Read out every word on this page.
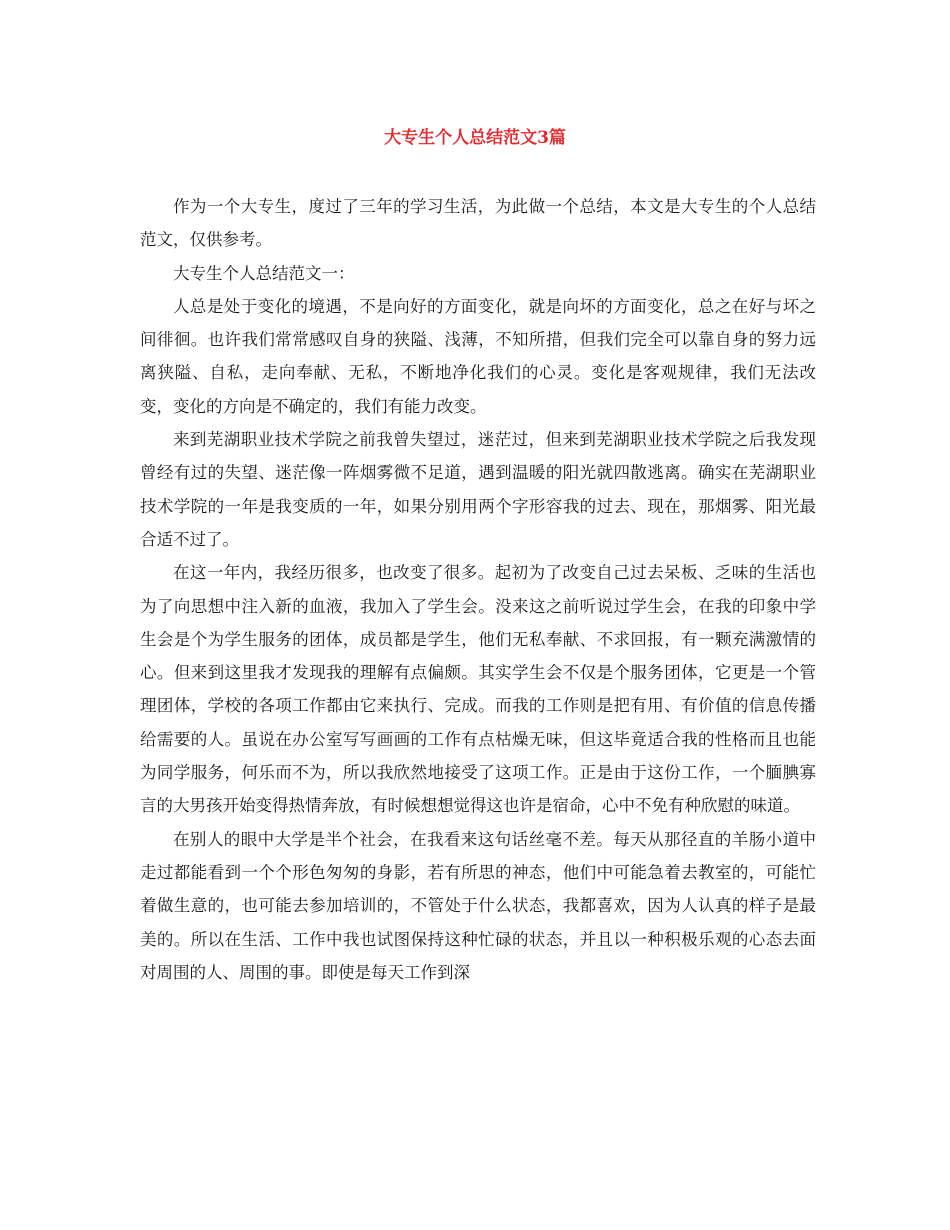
大专生个人总结范文3篇

作为一个大专生，度过了三年的学习生活，为此做一个总结，本文是大专生的个人总结范文，仅供参考。

大专生个人总结范文一：

人总是处于变化的境遇，不是向好的方面变化，就是向坏的方面变化，总之在好与坏之间徘徊。也许我们常常感叹自身的狭隘、浅薄，不知所措，但我们完全可以靠自身的努力远离狭隘、自私，走向奉献、无私，不断地净化我们的心灵。变化是客观规律，我们无法改变，变化的方向是不确定的，我们有能力改变。

来到芜湖职业技术学院之前我曾失望过，迷茫过，但来到芜湖职业技术学院之后我发现曾经有过的失望、迷茫像一阵烟雾微不足道，遇到温暖的阳光就四散逃离。确实在芜湖职业技术学院的一年是我变质的一年，如果分别用两个字形容我的过去、现在，那烟雾、阳光最合适不过了。

在这一年内，我经历很多，也改变了很多。起初为了改变自己过去呆板、乏味的生活也为了向思想中注入新的血液，我加入了学生会。没来这之前听说过学生会，在我的印象中学生会是个为学生服务的团体，成员都是学生，他们无私奉献、不求回报，有一颗充满激情的心。但来到这里我才发现我的理解有点偏颇。其实学生会不仅是个服务团体，它更是一个管理团体，学校的各项工作都由它来执行、完成。而我的工作则是把有用、有价值的信息传播给需要的人。虽说在办公室写写画画的工作有点枯燥无味，但这毕竟适合我的性格而且也能为同学服务，何乐而不为，所以我欣然地接受了这项工作。正是由于这份工作，一个腼腆寡言的大男孩开始变得热情奔放，有时候想想觉得这也许是宿命，心中不免有种欣慰的味道。

在别人的眼中大学是半个社会，在我看来这句话丝毫不差。每天从那径直的羊肠小道中走过都能看到一个个形色匆匆的身影，若有所思的神态，他们中可能急着去教室的，可能忙着做生意的，也可能去参加培训的，不管处于什么状态，我都喜欢，因为人认真的样子是最美的。所以在生活、工作中我也试图保持这种忙碌的状态，并且以一种积极乐观的心态去面对周围的人、周围的事。即使是每天工作到深
